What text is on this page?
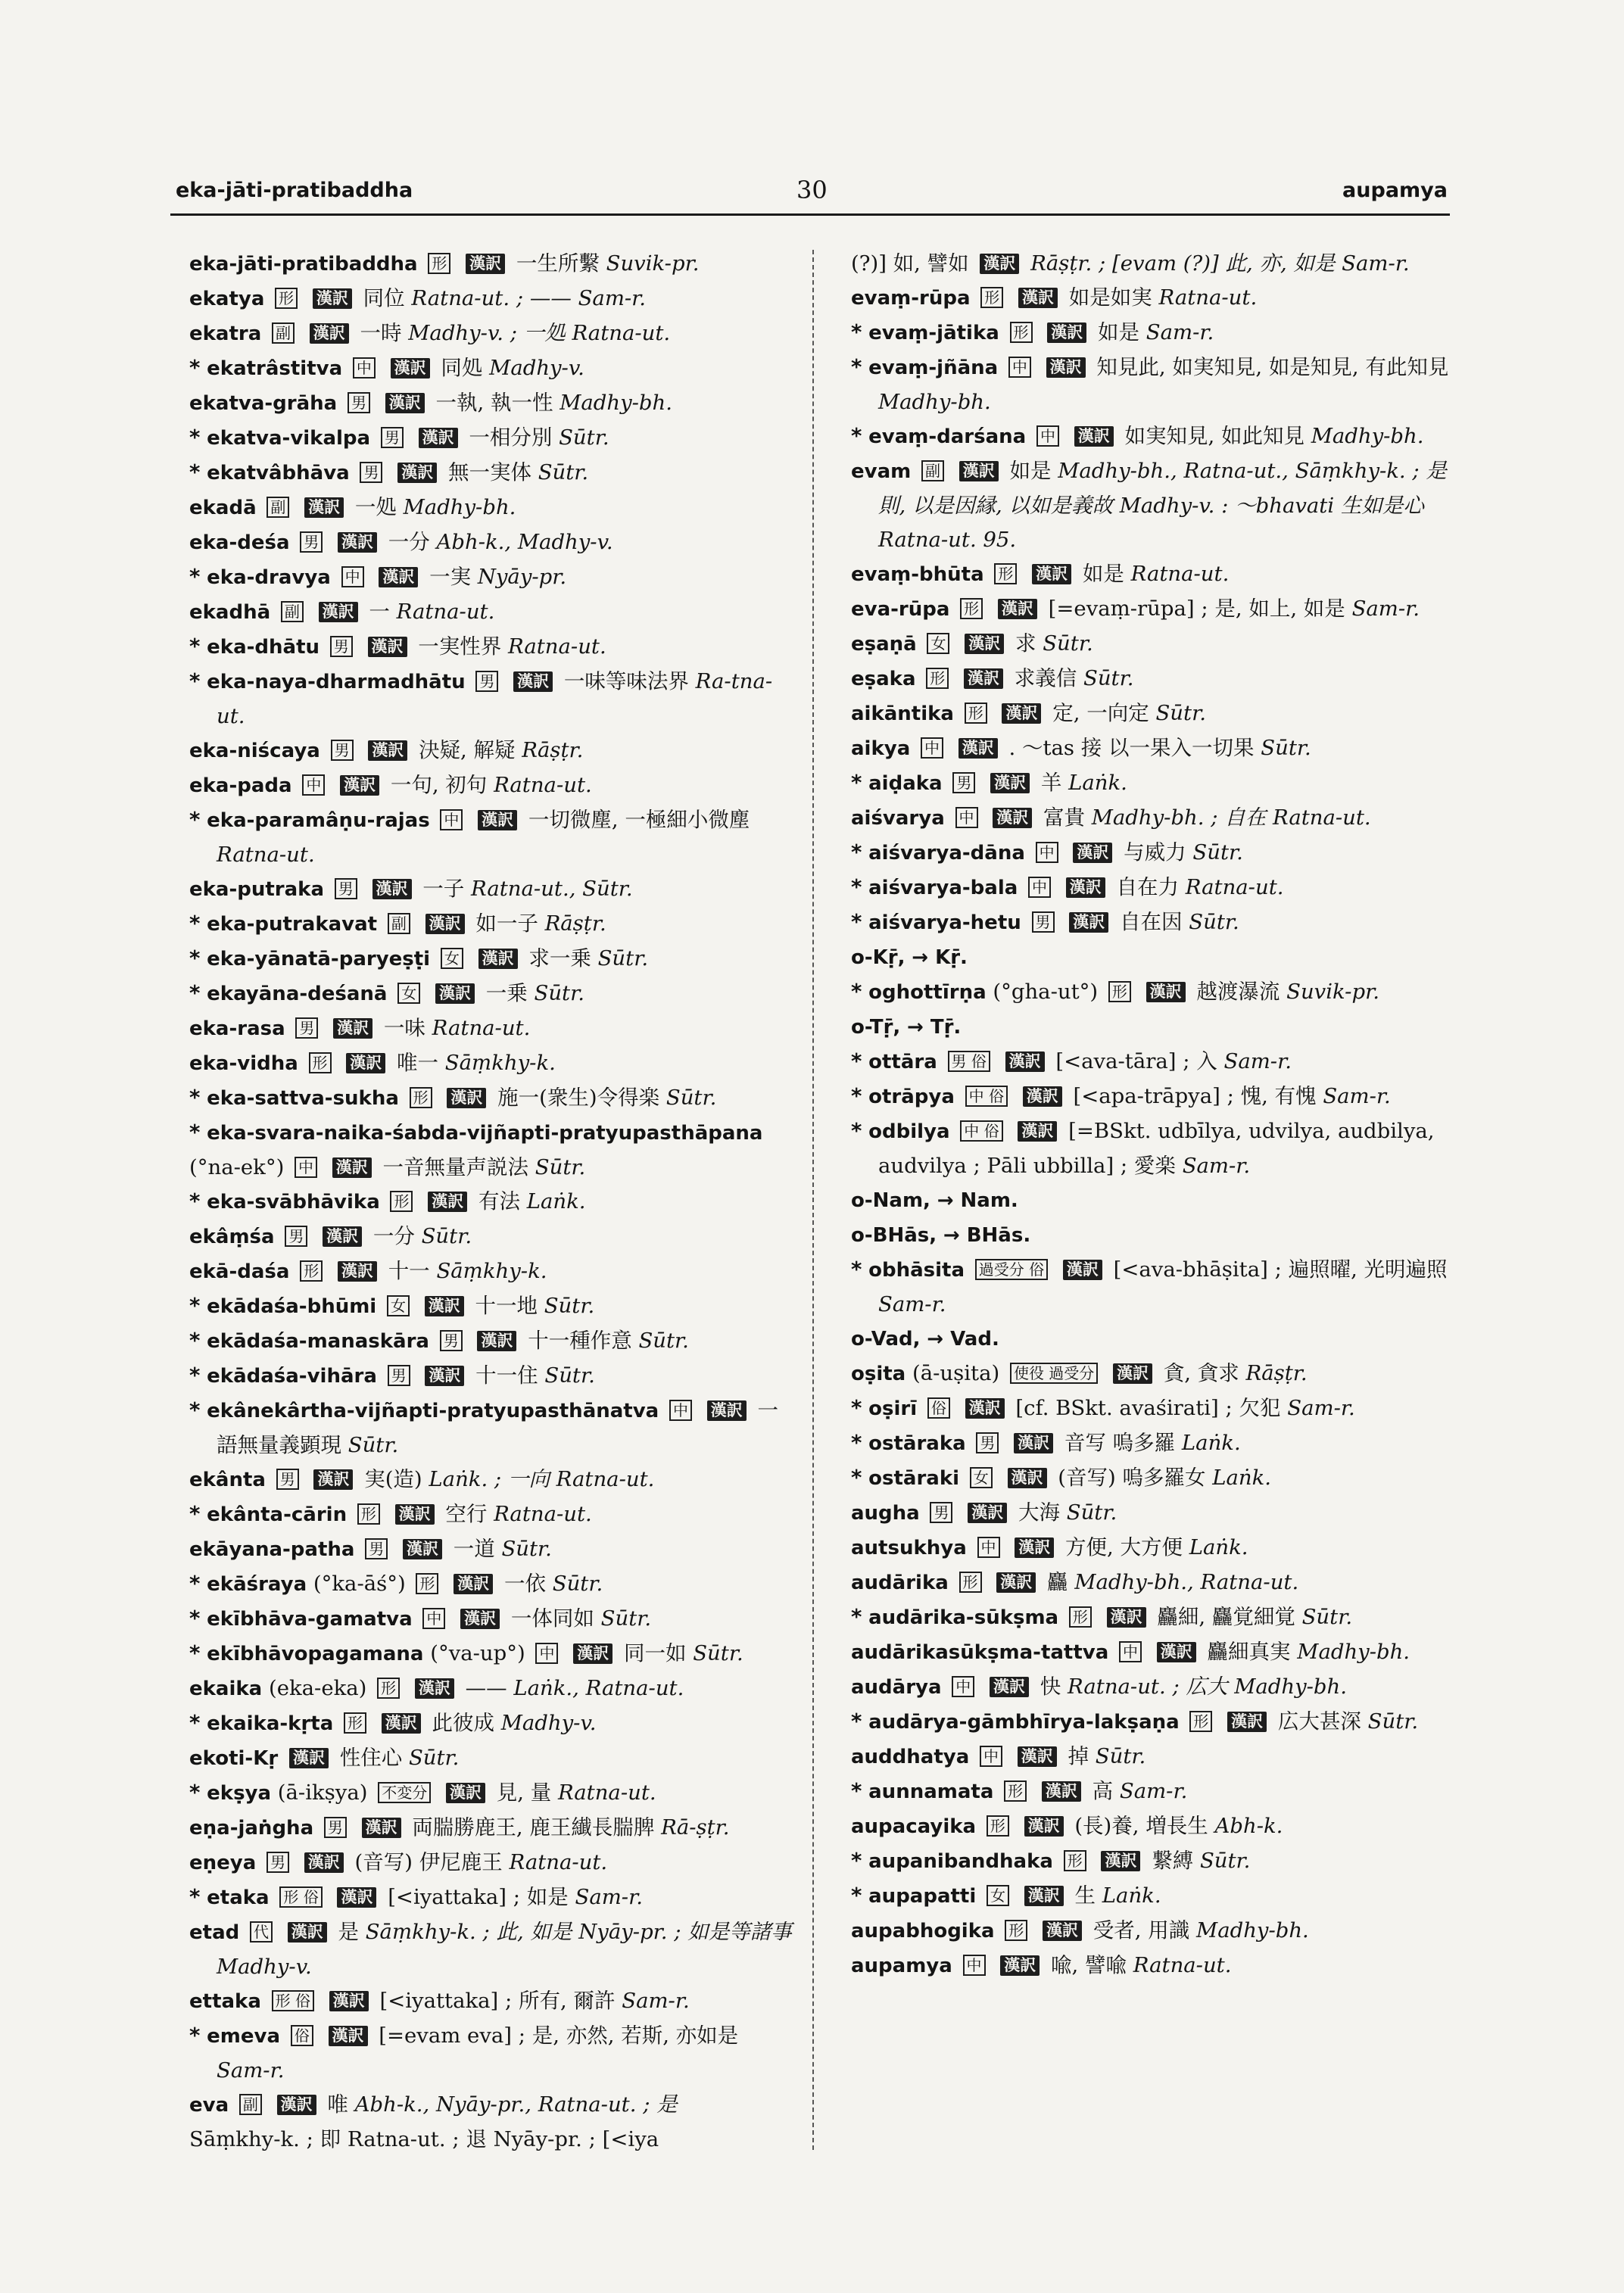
eka-jāti-pratibaddha	30	aupamya

eka-jāti-pratibaddha 形 漢訳 一生所繫 Suvik-pr.

ekatya 形 漢訳 同位 Ratna-ut. ; —— Sam-r.

ekatra 副 漢訳 一時 Madhy-v. ; 一処 Ratna-ut.

* ekatrâstitva 中 漢訳 同処 Madhy-v.

ekatva-grāha 男 漢訳 一執, 執一性 Madhy-bh.

* ekatva-vikalpa 男 漢訳 一相分別 Sūtr.

* ekatvâbhāva 男 漢訳 無一実体 Sūtr.

ekadā 副 漢訳 一処 Madhy-bh.

eka-deśa 男 漢訳 一分 Abh-k., Madhy-v.

* eka-dravya 中 漢訳 一実 Nyāy-pr.

ekadhā 副 漢訳 一 Ratna-ut.

* eka-dhātu 男 漢訳 一実性界 Ratna-ut.

* eka-naya-dharmadhātu 男 漢訳 一味等味法界 Ra-tna-ut.

eka-niścaya 男 漢訳 決疑, 解疑 Rāṣṭr.

eka-pada 中 漢訳 一句, 初句 Ratna-ut.

* eka-paramâṇu-rajas 中 漢訳 一切微塵, 一極細小微塵 Ratna-ut.

eka-putraka 男 漢訳 一子 Ratna-ut., Sūtr.

* eka-putrakavat 副 漢訳 如一子 Rāṣṭr.

* eka-yānatā-paryeṣṭi 女 漢訳 求一乗 Sūtr.

* ekayāna-deśanā 女 漢訳 一乗 Sūtr.

eka-rasa 男 漢訳 一味 Ratna-ut.

eka-vidha 形 漢訳 唯一 Sāṃkhy-k.

* eka-sattva-sukha 形 漢訳 施一(衆生)令得楽 Sūtr.

* eka-svara-naika-śabda-vijñapti-pratyupasthāpana

(°na-ek°) 中 漢訳 一音無量声説法 Sūtr.

* eka-svābhāvika 形 漢訳 有法 Laṅk.

ekâṃśa 男 漢訳 一分 Sūtr.

ekā-daśa 形 漢訳 十一 Sāṃkhy-k.

* ekādaśa-bhūmi 女 漢訳 十一地 Sūtr.

* ekādaśa-manaskāra 男 漢訳 十一種作意 Sūtr.

* ekādaśa-vihāra 男 漢訳 十一住 Sūtr.

* ekânekârtha-vijñapti-pratyupasthānatva 中 漢訳 一語無量義顕現 Sūtr.

ekânta 男 漢訳 実(造) Laṅk. ; 一向 Ratna-ut.

* ekânta-cārin 形 漢訳 空行 Ratna-ut.

ekāyana-patha 男 漢訳 一道 Sūtr.

* ekāśraya (°ka-āś°) 形 漢訳 一依 Sūtr.

* ekībhāva-gamatva 中 漢訳 一体同如 Sūtr.

* ekībhāvopagamana (°va-up°) 中 漢訳 同一如 Sūtr.

ekaika (eka-eka) 形 漢訳 —— Laṅk., Ratna-ut.

* ekaika-kṛta 形 漢訳 此彼成 Madhy-v.

ekoti-Kṛ 漢訳 性住心 Sūtr.

* ekṣya (ā-ikṣya) 不変分 漢訳 見, 量 Ratna-ut.

eṇa-jaṅgha 男 漢訳 両腨勝鹿王, 鹿王纎長腨脾 Rā-ṣṭr.

eṇeya 男 漢訳 (音写) 伊尼鹿王 Ratna-ut.

* etaka 形 俗 漢訳 [<iyattaka] ; 如是 Sam-r.

etad 代 漢訳 是 Sāṃkhy-k. ; 此, 如是 Nyāy-pr. ; 如是等諸事 Madhy-v.

ettaka 形 俗 漢訳 [<iyattaka] ; 所有, 爾許 Sam-r.

* emeva 俗 漢訳 [=evam eva] ; 是, 亦然, 若斯, 亦如是 Sam-r.

eva 副 漢訳 唯 Abh-k., Nyāy-pr., Ratna-ut. ; 是

Sāṃkhy-k. ; 即 Ratna-ut. ; 退 Nyāy-pr. ; [<iya

(?)] 如, 譬如 漢訳 Rāṣṭr. ; [evam (?)] 此, 亦, 如是 Sam-r.

evaṃ-rūpa 形 漢訳 如是如実 Ratna-ut.

* evaṃ-jātika 形 漢訳 如是 Sam-r.

* evaṃ-jñāna 中 漢訳 知見此, 如実知見, 如是知見, 有此知見 Madhy-bh.

* evaṃ-darśana 中 漢訳 如実知見, 如此知見 Madhy-bh.

evam 副 漢訳 如是 Madhy-bh., Ratna-ut., Sāṃkhy-k. ; 是則, 以是因縁, 以如是義故 Madhy-v. : ～bhavati 生如是心 Ratna-ut. 95.

evaṃ-bhūta 形 漢訳 如是 Ratna-ut.

eva-rūpa 形 漢訳 [=evaṃ-rūpa] ; 是, 如上, 如是 Sam-r.

eṣaṇā 女 漢訳 求 Sūtr.

eṣaka 形 漢訳 求義信 Sūtr.

aikāntika 形 漢訳 定, 一向定 Sūtr.

aikya 中 漢訳 . ～tas 接 以一果入一切果 Sūtr.

* aiḍaka 男 漢訳 羊 Laṅk.

aiśvarya 中 漢訳 富貴 Madhy-bh. ; 自在 Ratna-ut.

* aiśvarya-dāna 中 漢訳 与威力 Sūtr.

* aiśvarya-bala 中 漢訳 自在力 Ratna-ut.

* aiśvarya-hetu 男 漢訳 自在因 Sūtr.

o-Kṝ, → Kṝ.

* oghottīrṇa (°gha-ut°) 形 漢訳 越渡瀑流 Suvik-pr.

o-Tṝ, → Tṝ.

* ottāra 男 俗 漢訳 [<ava-tāra] ; 入 Sam-r.

* otrāpya 中 俗 漢訳 [<apa-trāpya] ; 愧, 有愧 Sam-r.

* odbilya 中 俗 漢訳 [=BSkt. udbīlya, udvilya, audbilya, audvilya ; Pāli ubbilla] ; 愛楽 Sam-r.

o-Nam, → Nam.

o-BHās, → BHās.

* obhāsita 過受分 俗 漢訳 [<ava-bhāṣita] ; 遍照曜, 光明遍照 Sam-r.

o-Vad, → Vad.

oṣita (ā-uṣita) 使役 過受分 漢訳 貪, 貪求 Rāṣṭr.

* oṣirī 俗 漢訳 [cf. BSkt. avaśirati] ; 欠犯 Sam-r.

* ostāraka 男 漢訳 音写 嗚多羅 Laṅk.

* ostāraki 女 漢訳 (音写) 嗚多羅女 Laṅk.

augha 男 漢訳 大海 Sūtr.

autsukhya 中 漢訳 方便, 大方便 Laṅk.

audārika 形 漢訳 麤 Madhy-bh., Ratna-ut.

* audārika-sūkṣma 形 漢訳 麤細, 麤覚細覚 Sūtr.

audārikasūkṣma-tattva 中 漢訳 麤細真実 Madhy-bh.

audārya 中 漢訳 快 Ratna-ut. ; 広大 Madhy-bh.

* audārya-gāmbhīrya-lakṣaṇa 形 漢訳 広大甚深 Sūtr.

auddhatya 中 漢訳 掉 Sūtr.

* aunnamata 形 漢訳 高 Sam-r.

aupacayika 形 漢訳 (長)養, 増長生 Abh-k.

* aupanibandhaka 形 漢訳 繋縛 Sūtr.

* aupapatti 女 漢訳 生 Laṅk.

aupabhogika 形 漢訳 受者, 用識 Madhy-bh.

aupamya 中 漢訳 喩, 譬喩 Ratna-ut.
